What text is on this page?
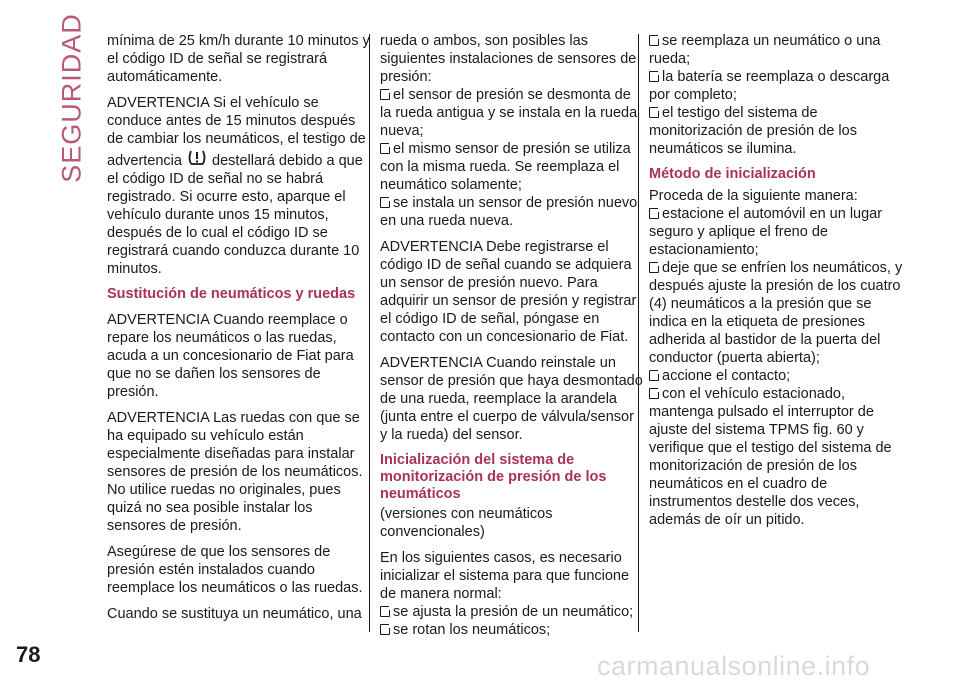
SEGURIDAD mínima de 25 km/h durante 10 minutos y el código ID de señal se registrará automáticamente.

ADVERTENCIA Si el vehículo se conduce antes de 15 minutos después de cambiar los neumáticos, el testigo de advertencia destellará debido a que el código ID de señal no se habrá registrado. Si ocurre esto, aparque el vehículo durante unos 15 minutos, después de lo cual el código ID se registrará cuando conduzca durante 10 minutos.

Sustitución de neumáticos y ruedas

ADVERTENCIA Cuando reemplace o repare los neumáticos o las ruedas, acuda a un concesionario de Fiat para que no se dañen los sensores de presión.

ADVERTENCIA Las ruedas con que se ha equipado su vehículo están especialmente diseñadas para instalar sensores de presión de los neumáticos. No utilice ruedas no originales, pues quizá no sea posible instalar los sensores de presión.

Asegúrese de que los sensores de presión estén instalados cuando reemplace los neumáticos o las ruedas.

Cuando se sustituya un neumático, una

rueda o ambos, son posibles las siguientes instalaciones de sensores de presión:

el sensor de presión se desmonta de la rueda antigua y se instala en la rueda nueva;

el mismo sensor de presión se utiliza con la misma rueda. Se reemplaza el neumático solamente;

se instala un sensor de presión nuevo en una rueda nueva.

ADVERTENCIA Debe registrarse el código ID de señal cuando se adquiera un sensor de presión nuevo. Para adquirir un sensor de presión y registrar el código ID de señal, póngase en contacto con un concesionario de Fiat.

ADVERTENCIA Cuando reinstale un sensor de presión que haya desmontado de una rueda, reemplace la arandela (junta entre el cuerpo de válvula/sensor y la rueda) del sensor.

Inicialización del sistema de monitorización de presión de los neumáticos

(versiones con neumáticos convencionales)

En los siguientes casos, es necesario inicializar el sistema para que funcione de manera normal:

se ajusta la presión de un neumático;

se rotan los neumáticos;

se reemplaza un neumático o una rueda;

la batería se reemplaza o descarga por completo;

el testigo del sistema de monitorización de presión de los neumáticos se ilumina.

Método de inicialización

Proceda de la siguiente manera:

estacione el automóvil en un lugar seguro y aplique el freno de estacionamiento;

deje que se enfríen los neumáticos, y después ajuste la presión de los cuatro (4) neumáticos a la presión que se indica en la etiqueta de presiones adherida al bastidor de la puerta del conductor (puerta abierta);

accione el contacto;

con el vehículo estacionado, mantenga pulsado el interruptor de ajuste del sistema TPMS fig. 60 y verifique que el testigo del sistema de monitorización de presión de los neumáticos en el cuadro de instrumentos destelle dos veces, además de oír un pitido.

78	carmanualsonline.info
